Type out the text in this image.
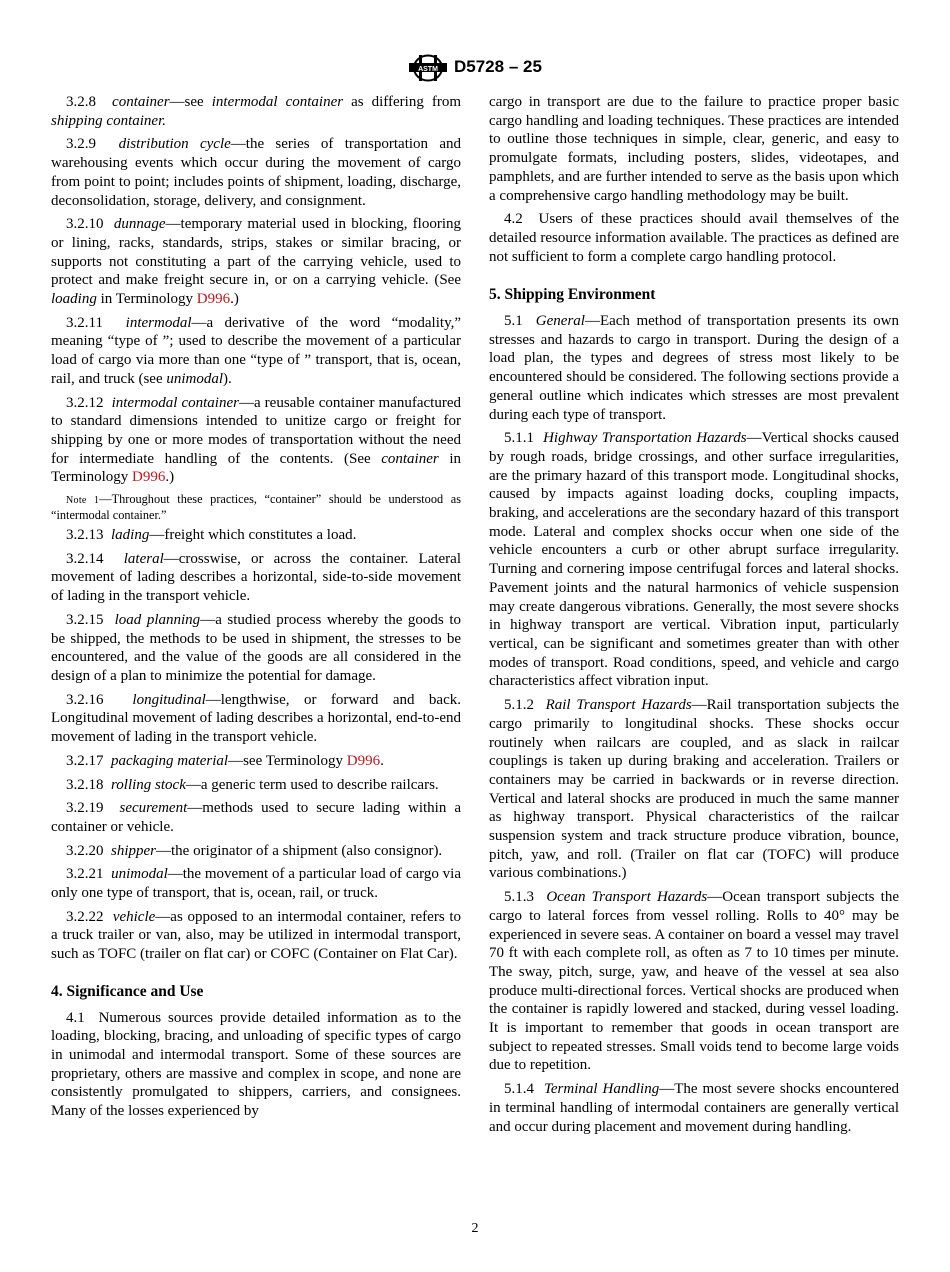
ASTM D5728 – 25

3.2.8 container—see intermodal container as differing from shipping container.

3.2.9 distribution cycle—the series of transportation and warehousing events which occur during the movement of cargo from point to point; includes points of shipment, loading, discharge, deconsolidation, storage, delivery, and consignment.

3.2.10 dunnage—temporary material used in blocking, flooring or lining, racks, standards, strips, stakes or similar bracing, or supports not constituting a part of the carrying vehicle, used to protect and make freight secure in, or on a carrying vehicle. (See loading in Terminology D996.)

3.2.11 intermodal—a derivative of the word “modality,” meaning “type of ”; used to describe the movement of a particular load of cargo via more than one “type of ” transport, that is, ocean, rail, and truck (see unimodal).

3.2.12 intermodal container—a reusable container manufactured to standard dimensions intended to unitize cargo or freight for shipping by one or more modes of transportation without the need for intermediate handling of the contents. (See container in Terminology D996.)

Note 1—Throughout these practices, “container” should be understood as “intermodal container.”

3.2.13 lading—freight which constitutes a load.

3.2.14 lateral—crosswise, or across the container. Lateral movement of lading describes a horizontal, side-to-side movement of lading in the transport vehicle.

3.2.15 load planning—a studied process whereby the goods to be shipped, the methods to be used in shipment, the stresses to be encountered, and the value of the goods are all considered in the design of a plan to minimize the potential for damage.

3.2.16 longitudinal—lengthwise, or forward and back. Longitudinal movement of lading describes a horizontal, end-to-end movement of lading in the transport vehicle.

3.2.17 packaging material—see Terminology D996.

3.2.18 rolling stock—a generic term used to describe railcars.

3.2.19 securement—methods used to secure lading within a container or vehicle.

3.2.20 shipper—the originator of a shipment (also consignor).

3.2.21 unimodal—the movement of a particular load of cargo via only one type of transport, that is, ocean, rail, or truck.

3.2.22 vehicle—as opposed to an intermodal container, refers to a truck trailer or van, also, may be utilized in intermodal transport, such as TOFC (trailer on flat car) or COFC (Container on Flat Car).

4. Significance and Use

4.1 Numerous sources provide detailed information as to the loading, blocking, bracing, and unloading of specific types of cargo in unimodal and intermodal transport. Some of these sources are proprietary, others are massive and complex in scope, and none are consistently promulgated to shippers, carriers, and consignees. Many of the losses experienced by

cargo in transport are due to the failure to practice proper basic cargo handling and loading techniques. These practices are intended to outline those techniques in simple, clear, generic, and easy to promulgate formats, including posters, slides, videotapes, and pamphlets, and are further intended to serve as the basis upon which a comprehensive cargo handling methodology may be built.

4.2 Users of these practices should avail themselves of the detailed resource information available. The practices as defined are not sufficient to form a complete cargo handling protocol.

5. Shipping Environment

5.1 General—Each method of transportation presents its own stresses and hazards to cargo in transport. During the design of a load plan, the types and degrees of stress most likely to be encountered should be considered. The following sections provide a general outline which indicates which stresses are most prevalent during each type of transport.

5.1.1 Highway Transportation Hazards—Vertical shocks caused by rough roads, bridge crossings, and other surface irregularities, are the primary hazard of this transport mode. Longitudinal shocks, caused by impacts against loading docks, coupling impacts, braking, and accelerations are the secondary hazard of this transport mode. Lateral and complex shocks occur when one side of the vehicle encounters a curb or other abrupt surface irregularity. Turning and cornering impose centrifugal forces and lateral shocks. Pavement joints and the natural harmonics of vehicle suspension may create dangerous vibrations. Generally, the most severe shocks in highway transport are vertical. Vibration input, particularly vertical, can be significant and sometimes greater than with other modes of transport. Road conditions, speed, and vehicle and cargo characteristics affect vibration input.

5.1.2 Rail Transport Hazards—Rail transportation subjects the cargo primarily to longitudinal shocks. These shocks occur routinely when railcars are coupled, and as slack in railcar couplings is taken up during braking and acceleration. Trailers or containers may be carried in backwards or in reverse direction. Vertical and lateral shocks are produced in much the same manner as highway transport. Physical characteristics of the railcar suspension system and track structure produce vibration, bounce, pitch, yaw, and roll. (Trailer on flat car (TOFC) will produce various combinations.)

5.1.3 Ocean Transport Hazards—Ocean transport subjects the cargo to lateral forces from vessel rolling. Rolls to 40° may be experienced in severe seas. A container on board a vessel may travel 70 ft with each complete roll, as often as 7 to 10 times per minute. The sway, pitch, surge, yaw, and heave of the vessel at sea also produce multi-directional forces. Vertical shocks are produced when the container is rapidly lowered and stacked, during vessel loading. It is important to remember that goods in ocean transport are subject to repeated stresses. Small voids tend to become large voids due to repetition.

5.1.4 Terminal Handling—The most severe shocks encountered in terminal handling of intermodal containers are generally vertical and occur during placement and movement during handling.

2
